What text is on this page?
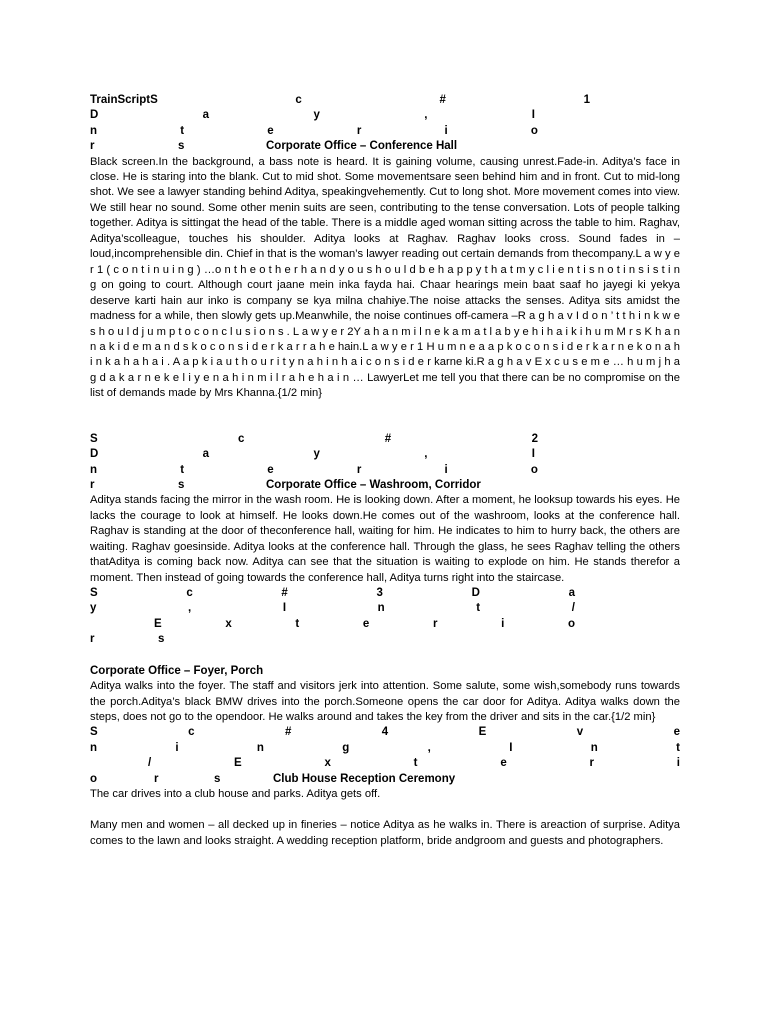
TrainScriptS	c	#	1
D	a	y	,	I
n	t	e	r	i	o
r	s	Corporate Office – Conference Hall

Black screen.In the background, a bass note is heard. It is gaining volume, causing unrest.Fade-in. Aditya’s face in close. He is staring into the blank. Cut to mid shot. Some movementsare seen behind him and in front. Cut to mid-long shot. We see a lawyer standing behind Aditya, speakingvehemently. Cut to long shot. More movement comes into view. We still hear no sound. Some other menin suits are seen, contributing to the tense conversation. Lots of people talking together. Aditya is sittingat the head of the table. There is a middle aged woman sitting across the table to him. Raghav, Aditya’scolleague, touches his shoulder. Aditya looks at Raghav. Raghav looks cross. Sound fades in – loud,incomprehensible din. Chief in that is the woman’s lawyer reading out certain demands from thecompany.L a w y e r 1 ( c o n t i n u i n g ) …o n t h e o t h e r h a n d y o u s h o u l d b e h a p p y t h a t m y c l i e n t i s n o t i n s i s t i n g on going to court. Although court jaane mein inka fayda hai. Chaar hearings mein baat saaf ho jayegi ki yekya deserve karti hain aur inko is company se kya milna chahiye.The noise attacks the senses. Aditya sits amidst the madness for a while, then slowly gets up.Meanwhile, the noise continues off-camera –R a g h a v I d o n ’ t t h i n k w e s h o u l d j u m p t o c o n c l u s i o n s . L a w y e r 2Y a h a n m i l n e k a m a t l a b y e h i h a i k i h u m M r s K h a n n a k i d e m a n d s k o c o n s i d e r k a r r a h e hain.L a w y e r 1 H u m n e a a p k o c o n s i d e r k a r n e k o n a h i n k a h a h a i . A a p k i a u t h o u r i t y n a h i n h a i c o n s i d e r karne ki.R a g h a v E x c u s e m e … h u m j h a g d a k a r n e k e l i y e n a h i n m i l r a h e h a i n … LawyerLet me tell you that there can be no compromise on the list of demands made by Mrs Khanna.{1/2 min}

S	c	#	2
D	a	y	,	I
n	t	e	r	i	o
r	s	Corporate Office – Washroom, Corridor

Aditya stands facing the mirror in the wash room. He is looking down. After a moment, he looksup towards his eyes. He lacks the courage to look at himself. He looks down.He comes out of the washroom, looks at the conference hall. Raghav is standing at the door of theconference hall, waiting for him. He indicates to him to hurry back, the others are waiting. Raghav goesinside. Aditya looks at the conference hall. Through the glass, he sees Raghav telling the others thatAditya is coming back now. Aditya can see that the situation is waiting to explode on him. He stands therefor a moment. Then instead of going towards the conference hall, Aditya turns right into the staircase.

S	c	#	3	D	a
y	,	I	n	t	/
E	x	t	e	r	i	o
r	s
Corporate Office – Foyer, Porch

Aditya walks into the foyer. The staff and visitors jerk into attention. Some salute, some wish,somebody runs towards the porch.Aditya’s black BMW drives into the porch.Someone opens the car door for Aditya. Aditya walks down the steps, does not go to the opendoor. He walks around and takes the key from the driver and sits in the car.{1/2 min}

S	c	#	4	E	v	e
n	i	n	g	,	I	n	t
/	E	x	t	e	r	i
o	r	s	Club House Reception Ceremony

The car drives into a club house and parks. Aditya gets off.

Many men and women – all decked up in fineries – notice Aditya as he walks in. There is areaction of surprise. Aditya comes to the lawn and looks straight. A wedding reception platform, bride andgroom and guests and photographers.
